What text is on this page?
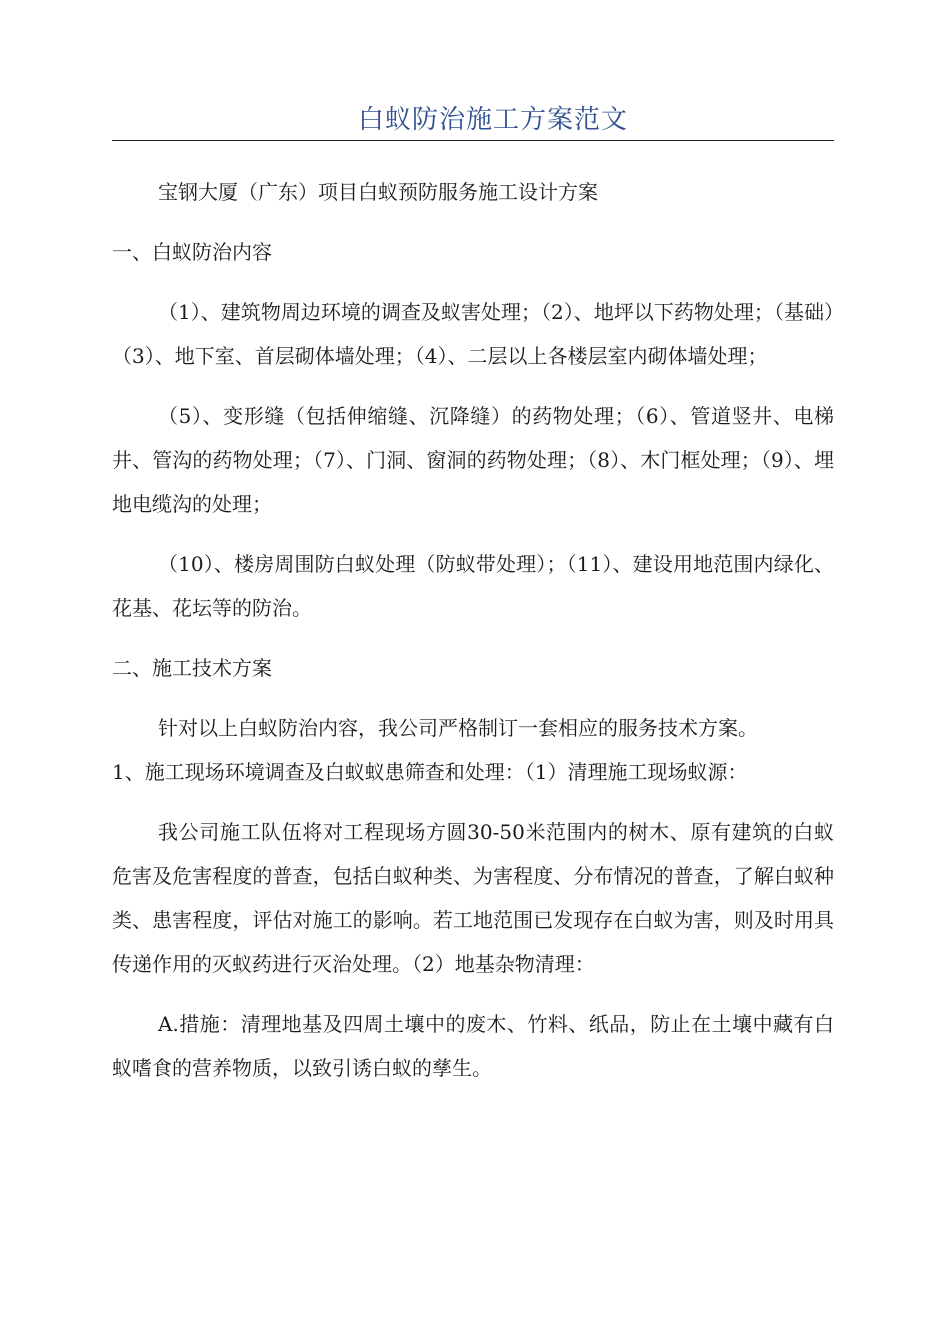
白蚁防治施工方案范文

宝钢大厦（广东）项目白蚁预防服务施工设计方案

一、白蚁防治内容

（1）、建筑物周边环境的调查及蚁害处理；（2）、地坪以下药物处理；（基础）（3）、地下室、首层砌体墙处理；（4）、二层以上各楼层室内砌体墙处理；

（5）、变形缝（包括伸缩缝、沉降缝）的药物处理；（6）、管道竖井、电梯井、管沟的药物处理；（7）、门洞、窗洞的药物处理；（8）、木门框处理；（9）、埋地电缆沟的处理；

（10）、楼房周围防白蚁处理（防蚁带处理）；（11）、建设用地范围内绿化、花基、花坛等的防治。

二、施工技术方案

针对以上白蚁防治内容，我公司严格制订一套相应的服务技术方案。

1、施工现场环境调查及白蚁蚁患筛查和处理：（1）清理施工现场蚁源：

我公司施工队伍将对工程现场方圆30-50米范围内的树木、原有建筑的白蚁危害及危害程度的普查，包括白蚁种类、为害程度、分布情况的普查，了解白蚁种类、患害程度，评估对施工的影响。若工地范围已发现存在白蚁为害，则及时用具传递作用的灭蚁药进行灭治处理。（2）地基杂物清理：

A.措施：清理地基及四周土壤中的废木、竹料、纸品，防止在土壤中藏有白蚁嗜食的营养物质，以致引诱白蚁的孳生。
